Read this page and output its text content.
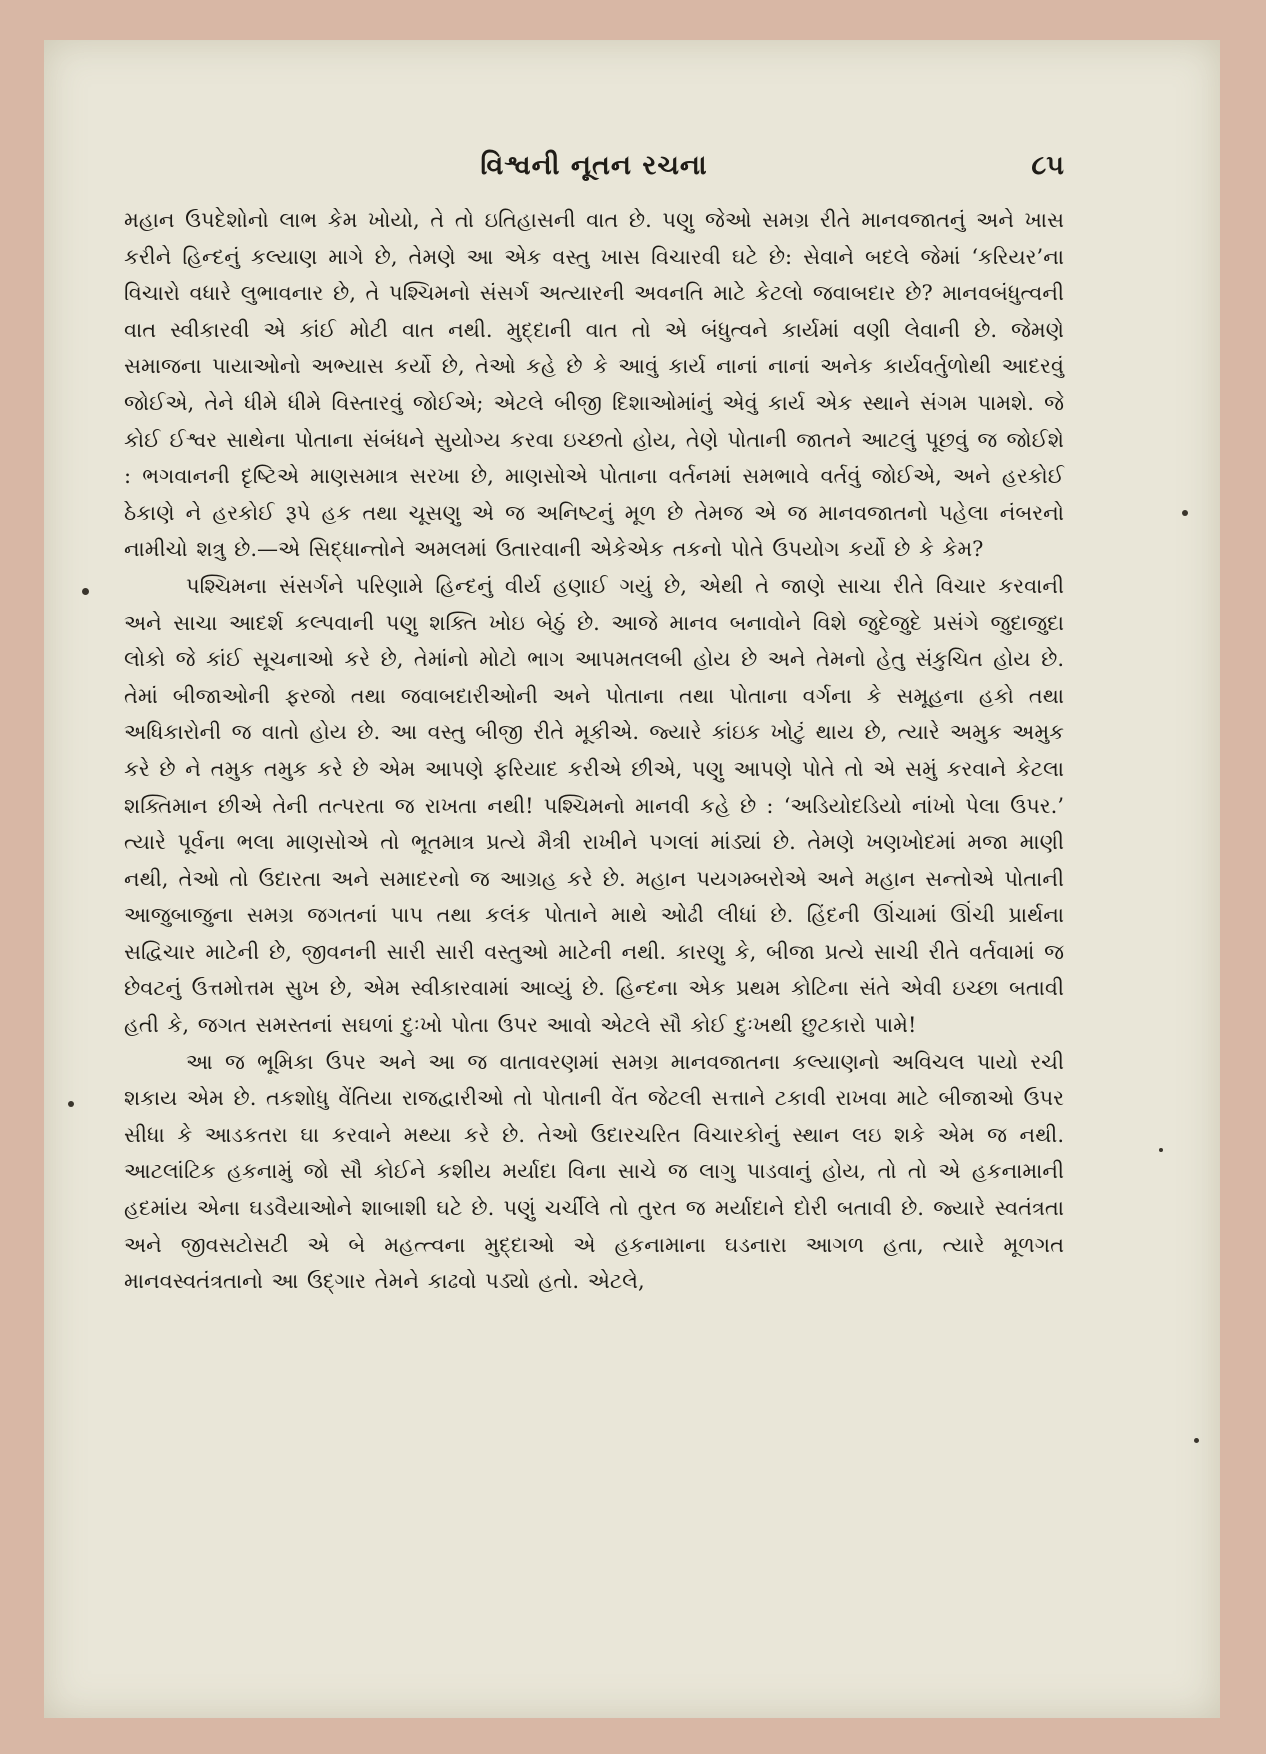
વિશ્વની નૂતન રચના	૮૫

મહાન ઉપદેશોનો લાભ કેમ ખોયો, તે તો ઇતિહાસની વાત છે. પણુ જેઓ સમગ્ર રીતે માનવજાતનું અને ખાસ કરીને હિન્દનું કલ્યાણ માગે છે, તેમણે આ એક વસ્તુ ખાસ વિચારવી ઘટે છે: સેવાને બદલે જેમાં ‘કરિયર’ના વિચારો વધારે લુભાવનાર છે, તે પશ્ચિમનો સંસર્ગ અત્યારની અવનતિ માટે કેટલો જવાબદાર છે? માનવબંધુત્વની વાત સ્વીકારવી એ કાંઈ મોટી વાત નથી. મુદ્દાની વાત તો એ બંધુત્વને કાર્યમાં વણી લેવાની છે. જેમણે સમાજના પાયાઓનો અભ્યાસ કર્યો છે, તેઓ કહે છે કે આવું કાર્ય નાનાં નાનાં અનેક કાર્યવર્તુળોથી આદરવું જોઈએ, તેને ધીમે ધીમે વિસ્તારવું જોઈએ; એટલે બીજી દિશાઓમાંનું એવું કાર્ય એક સ્થાને સંગમ પામશે. જે કોઈ ઈશ્વર સાથેના પોતાના સંબંધને સુયોગ્ય કરવા ઇચ્છતો હોય, તેણે પોતાની જાતને આટલું પૂછવું જ જોઈશે : ભગવાનની દૃષ્ટિએ માણસમાત્ર સરખા છે, માણસોએ પોતાના વર્તનમાં સમભાવે વર્તવું જોઈએ, અને હરકોઈ ઠેકાણે ને હરકોઈ રૂપે હક તથા ચૂસણુ એ જ અનિષ્ટનું મૂળ છે તેમજ એ જ માનવજાતનો પહેલા નંબરનો નામીચો શત્રુ છે.—એ સિદ્ધાન્તોને અમલમાં ઉતારવાની એકેએક તકનો પોતે ઉપયોગ કર્યો છે કે કેમ?

પશ્ચિમના સંસર્ગને પરિણામે હિન્દનું વીર્ય હણાઈ ગયું છે, એથી તે જાણે સાચા રીતે વિચાર કરવાની અને સાચા આદર્શ કલ્પવાની પણુ શક્તિ ખોઇ બેઠું છે. આજે માનવ બનાવોને વિશે જુદેજુદે પ્રસંગે જુદાજુદા લોકો જે કાંઈ સૂચનાઓ કરે છે, તેમાંનો મોટો ભાગ આપમતલબી હોય છે અને તેમનો હેતુ સંકુચિત હોય છે. તેમાં બીજાઓની ફરજો તથા જવાબદારીઓની અને પોતાના તથા પોતાના વર્ગના કે સમૂહના હકો તથા અધિકારોની જ વાતો હોય છે. આ વસ્તુ બીજી રીતે મૂકીએ. જ્યારે કાંઇક ખોટું થાય છે, ત્યારે અમુક અમુક કરે છે ને તમુક તમુક કરે છે એમ આપણે ફરિયાદ કરીએ છીએ, પણુ આપણે પોતે તો એ સમું કરવાને કેટલા શક્તિમાન છીએ તેની તત્પરતા જ રાખતા નથી! પશ્ચિમનો માનવી કહે છે : ‘અડિયોદડિયો નાંખો પેલા ઉપર.’ ત્યારે પૂર્વના ભલા માણસોએ તો ભૂતમાત્ર પ્રત્યે મૈત્રી રાખીને પગલાં માંડ્યાં છે. તેમણે ખણખોદમાં મજા માણી નથી, તેઓ તો ઉદારતા અને સમાદરનો જ આગ્રહ કરે છે. મહાન પયગમ્બરોએ અને મહાન સન્તોએ પોતાની આજુબાજુના સમગ્ર જગતનાં પાપ તથા કલંક પોતાને માથે ઓઢી લીધાં છે. હિંદની ઊંચામાં ઊંચી પ્રાર્થના સદ્વિચાર માટેની છે, જીવનની સારી સારી વસ્તુઓ માટેની નથી. કારણુ કે, બીજા પ્રત્યે સાચી રીતે વર્તવામાં જ છેવટનું ઉત્તમોત્તમ સુખ છે, એમ સ્વીકારવામાં આવ્યું છે. હિન્દના એક પ્રથમ કોટિના સંતે એવી ઇચ્છા બતાવી હતી કે, જગત સમસ્તનાં સઘળાં દુઃખો પોતા ઉપર આવો એટલે સૌ કોઈ દુઃખથી છુટકારો પામે!

આ જ ભૂમિકા ઉપર અને આ જ વાતાવરણમાં સમગ્ર માનવજાતના કલ્યાણનો અવિચલ પાયો રચી શકાય એમ છે. તકશોધુ વેંતિયા રાજદ્વારીઓ તો પોતાની વેંત જેટલી સત્તાને ટકાવી રાખવા માટે બીજાઓ ઉપર સીધા કે આડકતરા ઘા કરવાને મથ્યા કરે છે. તેઓ ઉદારચરિત વિચારકોનું સ્થાન લઇ શકે એમ જ નથી. આટલાંટિક હકનામું જો સૌ કોઈને કશીય મર્યાદા વિના સાચે જ લાગુ પાડવાનું હોય, તો તો એ હકનામાની હદમાંય એના ઘડવૈયાઓને શાબાશી ઘટે છે. પણું ચર્ચીલે તો તુરત જ મર્યાદાને દોરી બતાવી છે. જ્યારે સ્વતંત્રતા અને જીવસટોસટી એ બે મહત્ત્વના મુદ્દાઓ એ હકનામાના ઘડનારા આગળ હતા, ત્યારે મૂળગત માનવસ્વતંત્રતાનો આ ઉદ્ગાર તેમને કાઢવો પડ્યો હતો. એટલે,
